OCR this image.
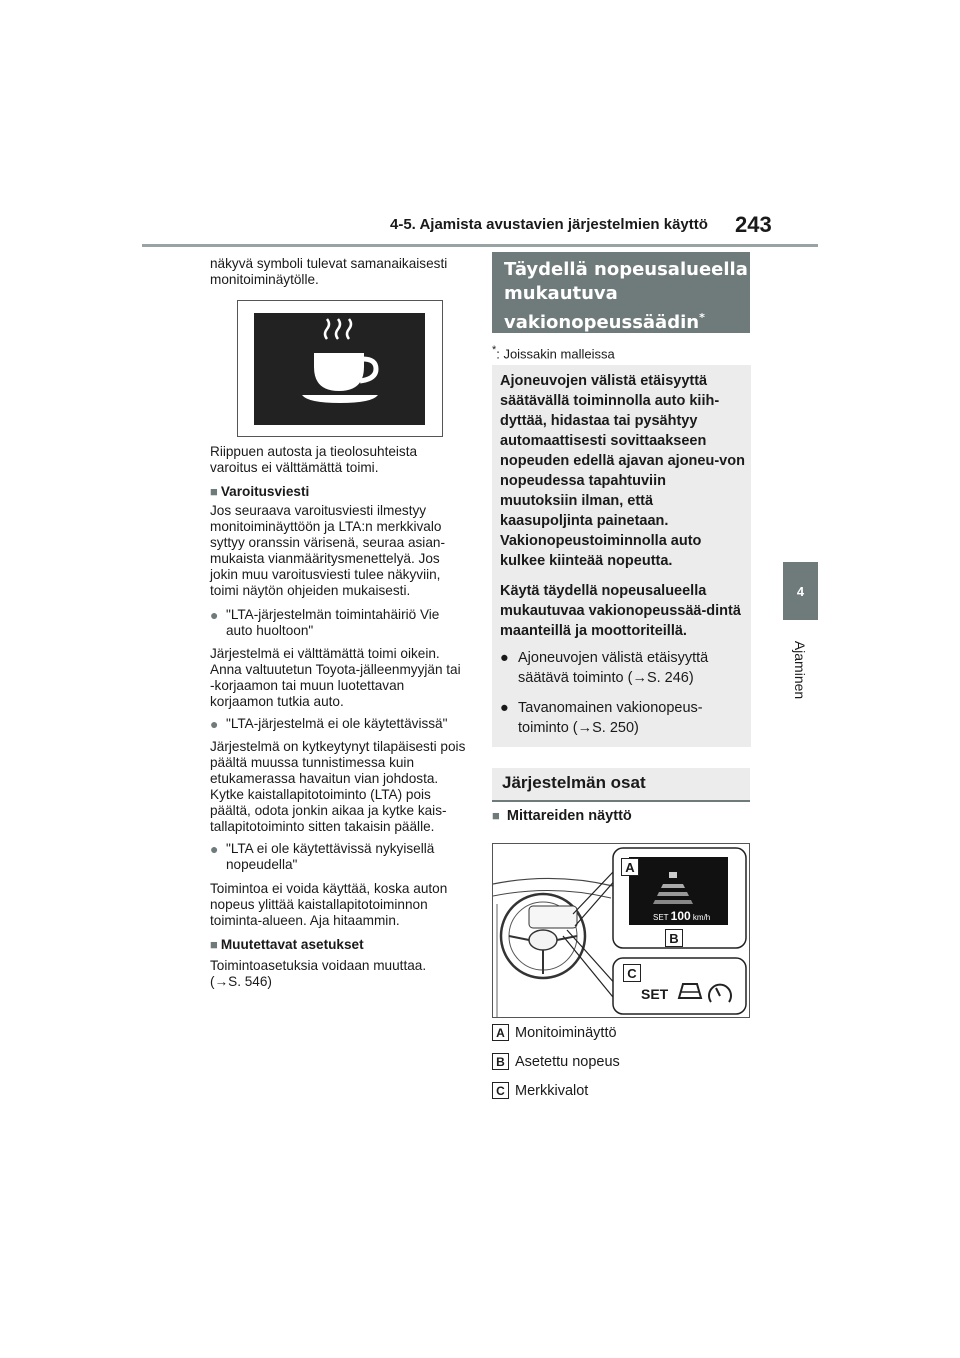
4-5. Ajamista avustavien järjestelmien käyttö 243
4
Ajaminen

näkyvä symboli tulevat samanaikaisesti monitoiminäytölle.

Riippuen autosta ja tieolosuhteista varoitus ei välttämättä toimi.

■ Varoitusviesti

Jos seuraava varoitusviesti ilmestyy monitoiminäyttöön ja LTA:n merkkivalo syttyy oranssin värisenä, seuraa asian-mukaista vianmääritysmenettelyä. Jos jokin muu varoitusviesti tulee näkyviin, toimi näytön ohjeiden mukaisesti.

● "LTA-järjestelmän toimintahäiriö Vie auto huoltoon"

Järjestelmä ei välttämättä toimi oikein. Anna valtuutetun Toyota-jälleenmyyjän tai -korjaamon tai muun luotettavan korjaamon tutkia auto.

● "LTA-järjestelmä ei ole käytettävissä"

Järjestelmä on kytkeytynyt tilapäisesti pois päältä muussa tunnistimessa kuin etukamerassa havaitun vian johdosta. Kytke kaistallapitotoiminto (LTA) pois päältä, odota jonkin aikaa ja kytke kais-tallapitotoiminto sitten takaisin päälle.

● "LTA ei ole käytettävissä nykyisellä nopeudella"

Toimintoa ei voida käyttää, koska auton nopeus ylittää kaistallapitotoiminnon toiminta-alueen. Aja hitaammin.

■ Muutettavat asetukset

Toimintoasetuksia voidaan muuttaa.
(→S. 546)

Täydellä nopeusalueella
mukautuva
vakionopeussäädin*
*: Joissakin malleissa

Ajoneuvojen välistä etäisyyttä säätävällä toiminnolla auto kiih-dyttää, hidastaa tai pysähtyy automaattisesti sovittaakseen nopeuden edellä ajavan ajoneu-von nopeudessa tapahtuviin muutoksiin ilman, että kaasupoljinta painetaan. Vakionopeustoiminnolla auto kulkee kiinteää nopeutta.

Käytä täydellä nopeusalueella mukautuvaa vakionopeussää-dintä maanteillä ja moottoriteillä.

● Ajoneuvojen välistä etäisyyttä säätävä toiminto (→S. 246)
● Tavanomainen vakionopeus-toiminto (→S. 250)
Järjestelmän osat
■ Mittareiden näyttö
A
B
C
SET 100 km/h
SET
A Monitoiminäyttö
B Asetettu nopeus
C Merkkivalot
